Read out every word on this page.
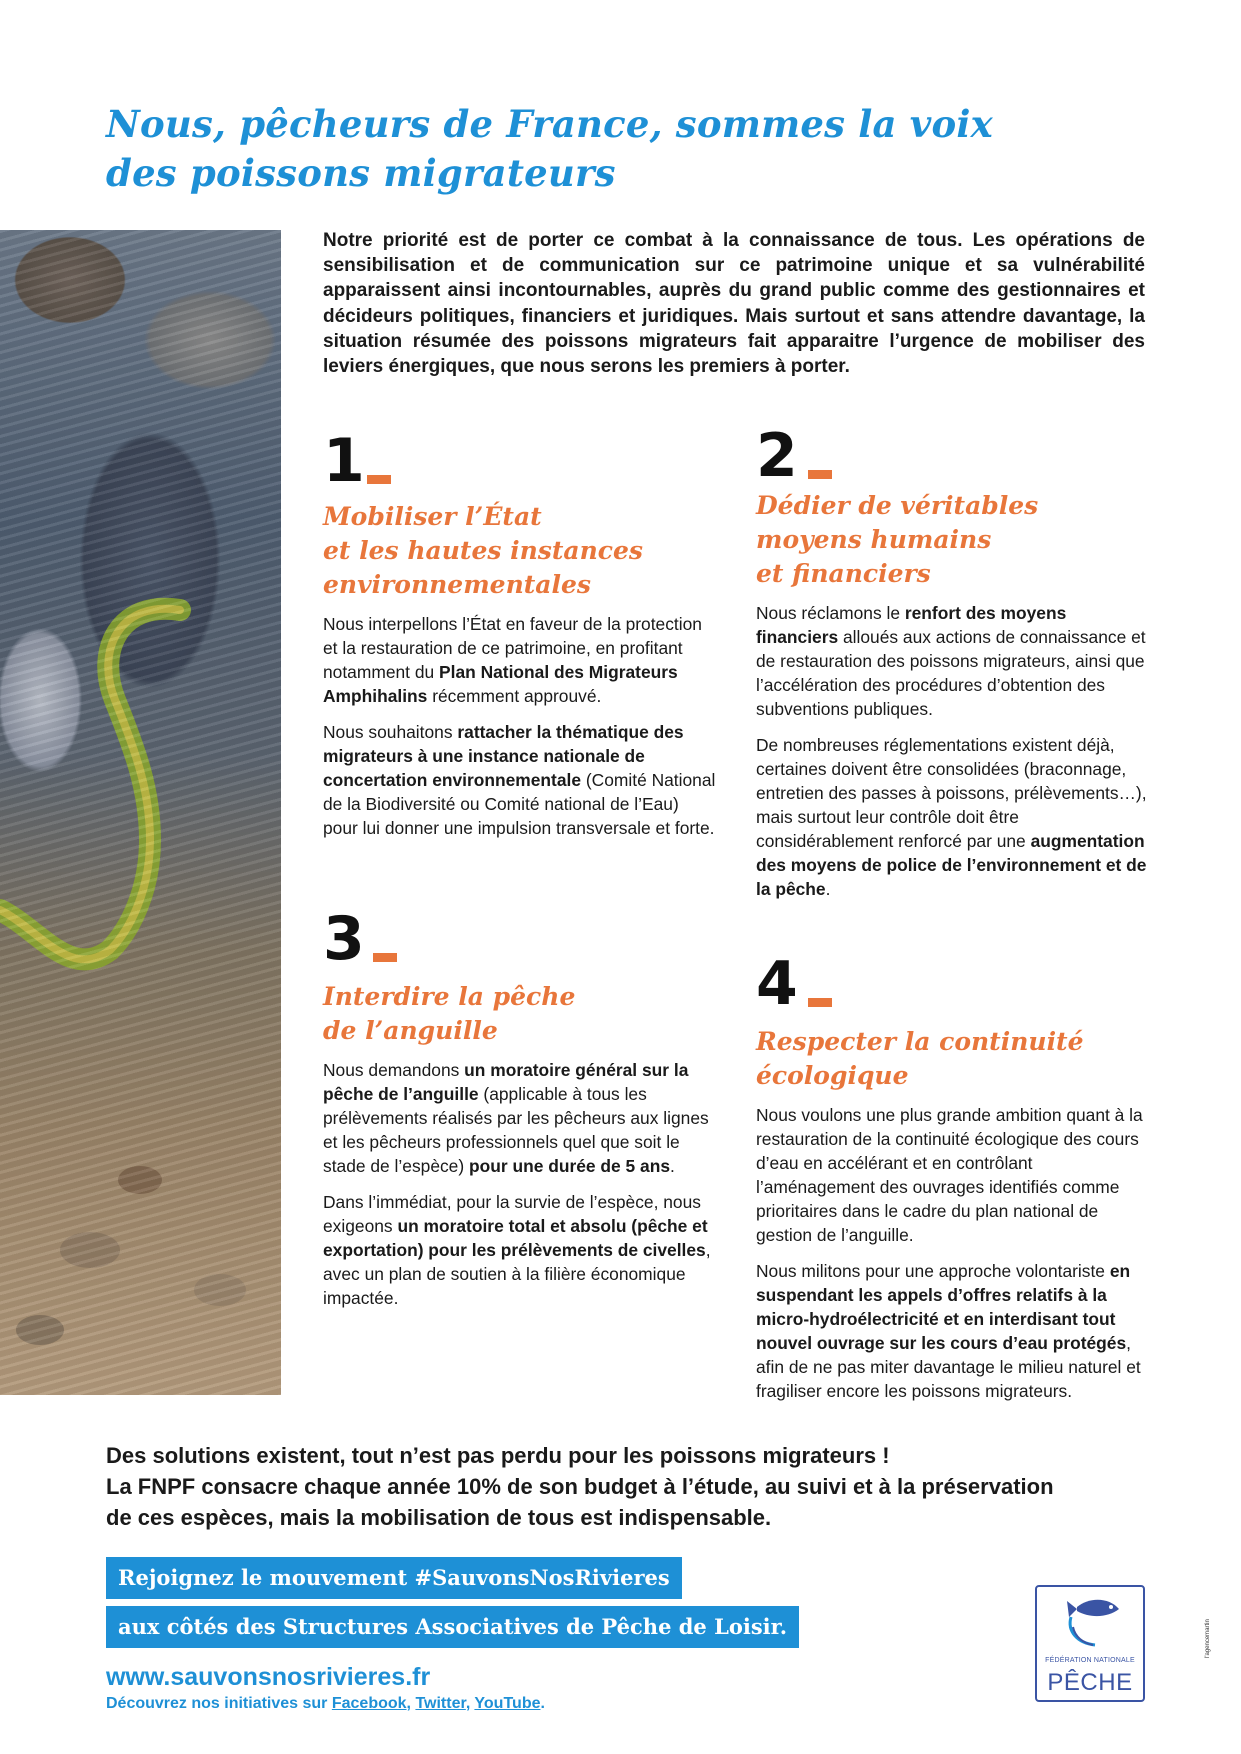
Nous, pêcheurs de France, sommes la voix
des poissons migrateurs

Notre priorité est de porter ce combat à la connaissance de tous. Les opérations de sensibilisation et de communication sur ce patrimoine unique et sa vulnérabilité apparaissent ainsi incontournables, auprès du grand public comme des gestionnaires et décideurs politiques, financiers et juridiques. Mais surtout et sans attendre davantage, la situation résumée des poissons migrateurs fait apparaitre l’urgence de mobiliser des leviers énergiques, que nous serons les premiers à porter.

1
Mobiliser l’État
et les hautes instances
environnementales

Nous interpellons l’État en faveur de la protection et la restauration de ce patrimoine, en profitant notamment du Plan National des Migrateurs Amphihalins récemment approuvé.

Nous souhaitons rattacher la thématique des migrateurs à une instance nationale de concertation environnementale (Comité National de la Biodiversité ou Comité national de l’Eau) pour lui donner une impulsion transversale et forte.

2
Dédier de véritables
moyens humains
et financiers

Nous réclamons le renfort des moyens financiers alloués aux actions de connaissance et de restauration des poissons migrateurs, ainsi que l’accélération des procédures d’obtention des subventions publiques.

De nombreuses réglementations existent déjà, certaines doivent être consolidées (braconnage, entretien des passes à poissons, prélèvements…), mais surtout leur contrôle doit être considérablement renforcé par une augmentation des moyens de police de l’environnement et de la pêche.

3
Interdire la pêche
de l’anguille

Nous demandons un moratoire général sur la pêche de l’anguille (applicable à tous les prélèvements réalisés par les pêcheurs aux lignes et les pêcheurs professionnels quel que soit le stade de l’espèce) pour une durée de 5 ans.

Dans l’immédiat, pour la survie de l’espèce, nous exigeons un moratoire total et absolu (pêche et exportation) pour les prélèvements de civelles, avec un plan de soutien à la filière économique impactée.

4
Respecter la continuité
écologique

Nous voulons une plus grande ambition quant à la restauration de la continuité écologique des cours d’eau en accélérant et en contrôlant l’aménagement des ouvrages identifiés comme prioritaires dans le cadre du plan national de gestion de l’anguille.

Nous militons pour une approche volontariste en suspendant les appels d’offres relatifs à la micro-hydroélectricité et en interdisant tout nouvel ouvrage sur les cours d’eau protégés, afin de ne pas miter davantage le milieu naturel et fragiliser encore les poissons migrateurs.

Des solutions existent, tout n’est pas perdu pour les poissons migrateurs !
La FNPF consacre chaque année 10% de son budget à l’étude, au suivi et à la préservation
de ces espèces, mais la mobilisation de tous est indispensable.

Rejoignez le mouvement #SauvonsNosRivieres
aux côtés des Structures Associatives de Pêche de Loisir.

www.sauvonsnosrivieres.fr

Découvrez nos initiatives sur Facebook, Twitter, YouTube.

FÉDÉRATION NATIONALE
PÊCHE
l'agencemartin
